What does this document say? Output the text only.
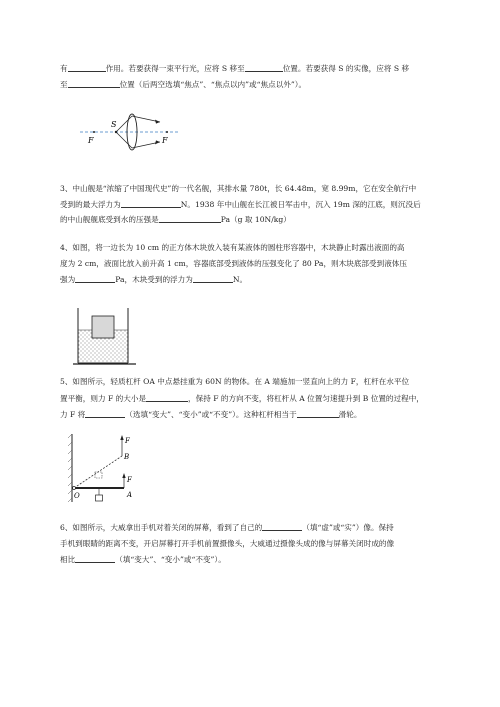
有	作用。若要获得一束平行光，应将 S 移至	位置。若要获得 S 的实像，应将 S 移
至	位置（后两空选填“焦点”、“焦点以内”或“焦点以外”）。
S
F	F
3、中山舰是“浓缩了中国现代史”的一代名舰，其排水量 780t，长 64.48m，宽 8.99m，它在安全航行中
受到的最大浮力为	N。1938 年中山舰在长江被日军击中，沉入 19m 深的江底，则沉没后
的中山舰舰底受到水的压强是	Pa（g 取 10N/kg）
4、如图，将一边长为 10 cm 的正方体木块放入装有某液体的圆柱形容器中，木块静止时露出液面的高
度为 2 cm，液面比放入前升高 1 cm，容器底部受到液体的压强变化了 80 Pa，则木块底部受到液体压
强为	Pa，木块受到的浮力为	N。
5、如图所示，轻质杠杆 OA 中点悬挂重为 60N 的物体。在 A 端施加一竖直向上的力 F，杠杆在水平位
置平衡，则力 F 的大小是	，保持 F 的方向不变，将杠杆从 A 位置匀速提升到 B 位置的过程中，
力 F 将	（选填“变大”、“变小”或“不变”）。这种杠杆相当于	滑轮。
F
B
F
O	A
6、如图所示，大威拿出手机对着关闭的屏幕，看到了自己的	（填“虚”或“实”）像。保持
手机到眼睛的距离不变，开启屏幕打开手机前置摄像头，大威通过摄像头成的像与屏幕关闭时成的像
相比	（填“变大”、“变小”或“不变”）。
